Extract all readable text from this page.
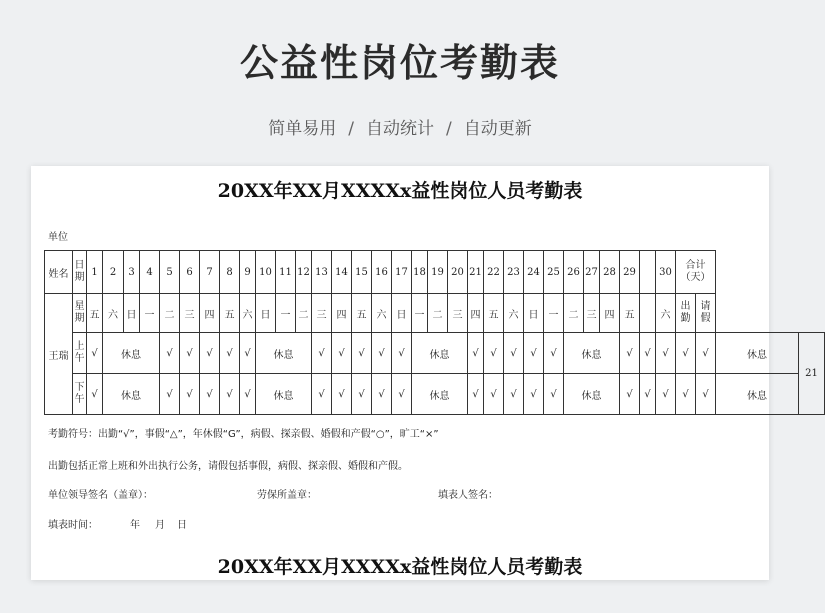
公益性岗位考勤表
简单易用 / 自动统计 / 自动更新
20XX年XX月XXXXx益性岗位人员考勤表
单位
姓名	日期	1	2	3	4	5	6	7	8	9	10	11	12	13	14	15	16	17	18	19	20	21	22	23	24	25	26	27	28	29		30	合计（天）				
王瑞	星期	五	六	日	一	二	三	四	五	六	日	一	二	三	四	五	六	日	一	二	三	四	五	六	日	一	二	三	四	五		六	出勤	请假			
	上午	√	休息			√	√	√	√	√	休息			√	√	√	√	√	休息			√	√	√	√	√	休息			√	√	√	√	√	休息	21	
	下午	√	休息			√	√	√	√	√	休息			√	√	√	√	√	休息			√	√	√	√	√	休息			√	√	√	√	√	休息		
考勤符号：出勤“√”，事假“△”，年休假“G”，病假、探亲假、婚假和产假“○”，旷工“×”
出勤包括正常上班和外出执行公务，请假包括事假，病假、探亲假、婚假和产假。
单位领导签名（盖章）：	劳保所盖章：	填表人签名：
填表时间：	年 月 日
20XX年XX月XXXXx益性岗位人员考勤表
